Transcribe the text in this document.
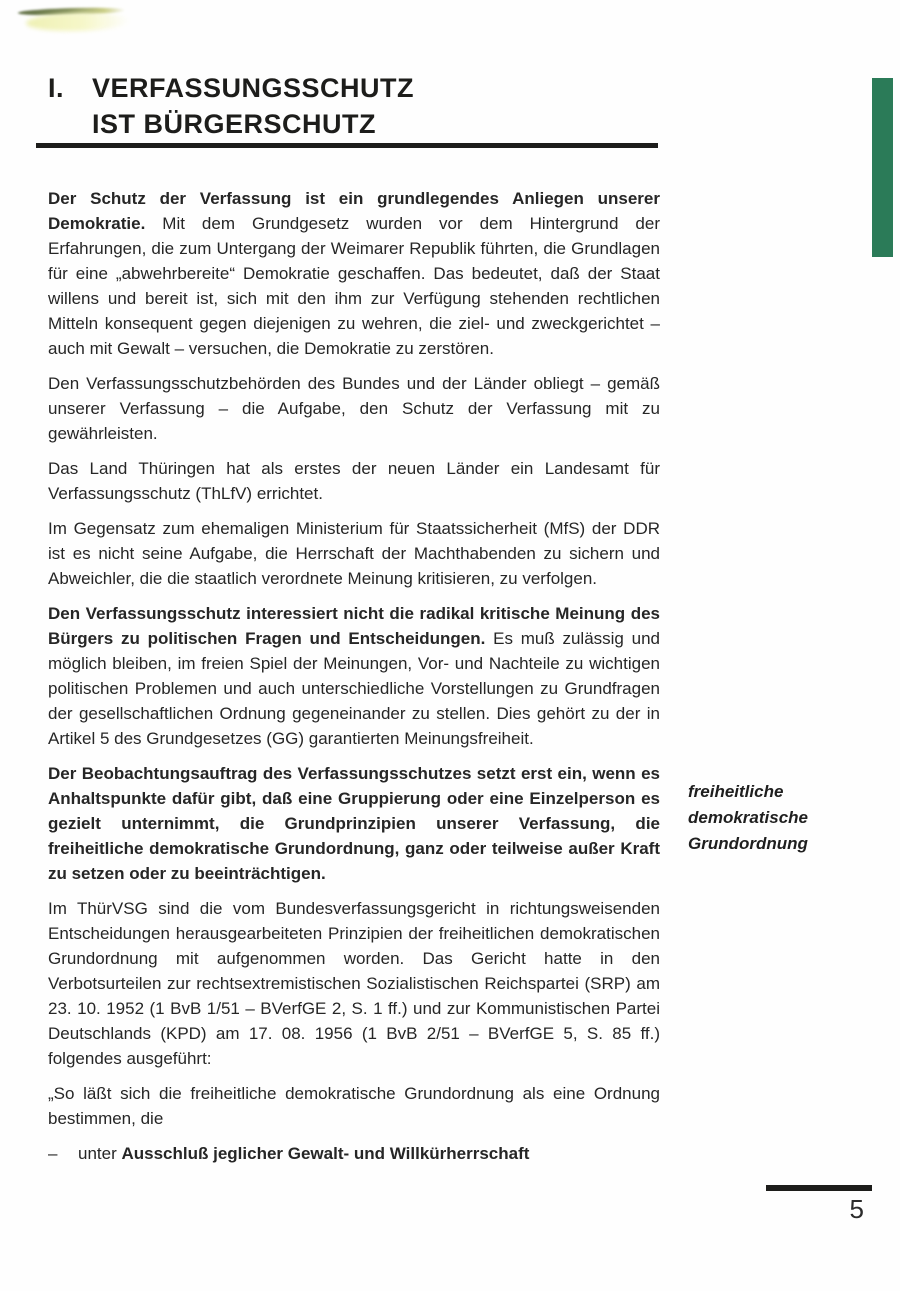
I.	VERFASSUNGSSCHUTZ
IST BÜRGERSCHUTZ

Der Schutz der Verfassung ist ein grundlegendes Anliegen unserer Demokratie. Mit dem Grundgesetz wurden vor dem Hintergrund der Erfahrungen, die zum Untergang der Weimarer Republik führten, die Grundlagen für eine „abwehrbereite“ Demokratie geschaffen. Das bedeutet, daß der Staat willens und bereit ist, sich mit den ihm zur Verfügung stehenden rechtlichen Mitteln konsequent gegen diejenigen zu wehren, die ziel- und zweckgerichtet – auch mit Gewalt – versuchen, die Demokratie zu zerstören.

Den Verfassungsschutzbehörden des Bundes und der Länder obliegt – gemäß unserer Verfassung – die Aufgabe, den Schutz der Verfassung mit zu gewährleisten.

Das Land Thüringen hat als erstes der neuen Länder ein Landesamt für Verfassungsschutz (ThLfV) errichtet.

Im Gegensatz zum ehemaligen Ministerium für Staatssicherheit (MfS) der DDR ist es nicht seine Aufgabe, die Herrschaft der Machthabenden zu sichern und Abweichler, die die staatlich verordnete Meinung kritisieren, zu verfolgen.

Den Verfassungsschutz interessiert nicht die radikal kritische Meinung des Bürgers zu politischen Fragen und Entscheidungen. Es muß zulässig und möglich bleiben, im freien Spiel der Meinungen, Vor- und Nachteile zu wichtigen politischen Problemen und auch unterschiedliche Vorstellungen zu Grundfragen der gesellschaftlichen Ordnung gegeneinander zu stellen. Dies gehört zu der in Artikel 5 des Grundgesetzes (GG) garantierten Meinungsfreiheit.

Der Beobachtungsauftrag des Verfassungsschutzes setzt erst ein, wenn es Anhaltspunkte dafür gibt, daß eine Gruppierung oder eine Einzelperson es gezielt unternimmt, die Grundprinzipien unserer Verfassung, die freiheitliche demokratische Grundordnung, ganz oder teilweise außer Kraft zu setzen oder zu beeinträchtigen.

Im ThürVSG sind die vom Bundesverfassungsgericht in richtungsweisenden Entscheidungen herausgearbeiteten Prinzipien der freiheitlichen demokratischen Grundordnung mit aufgenommen worden. Das Gericht hatte in den Verbotsurteilen zur rechtsextremistischen Sozialistischen Reichspartei (SRP) am 23. 10. 1952 (1 BvB 1/51 – BVerfGE 2, S. 1 ff.) und zur Kommunistischen Partei Deutschlands (KPD) am 17. 08. 1956 (1 BvB 2/51 – BVerfGE 5, S. 85 ff.) folgendes ausgeführt:

„So läßt sich die freiheitliche demokratische Grundordnung als eine Ordnung bestimmen, die

– unter Ausschluß jeglicher Gewalt- und Willkürherrschaft

freiheitliche
demokratische
Grundordnung
5
